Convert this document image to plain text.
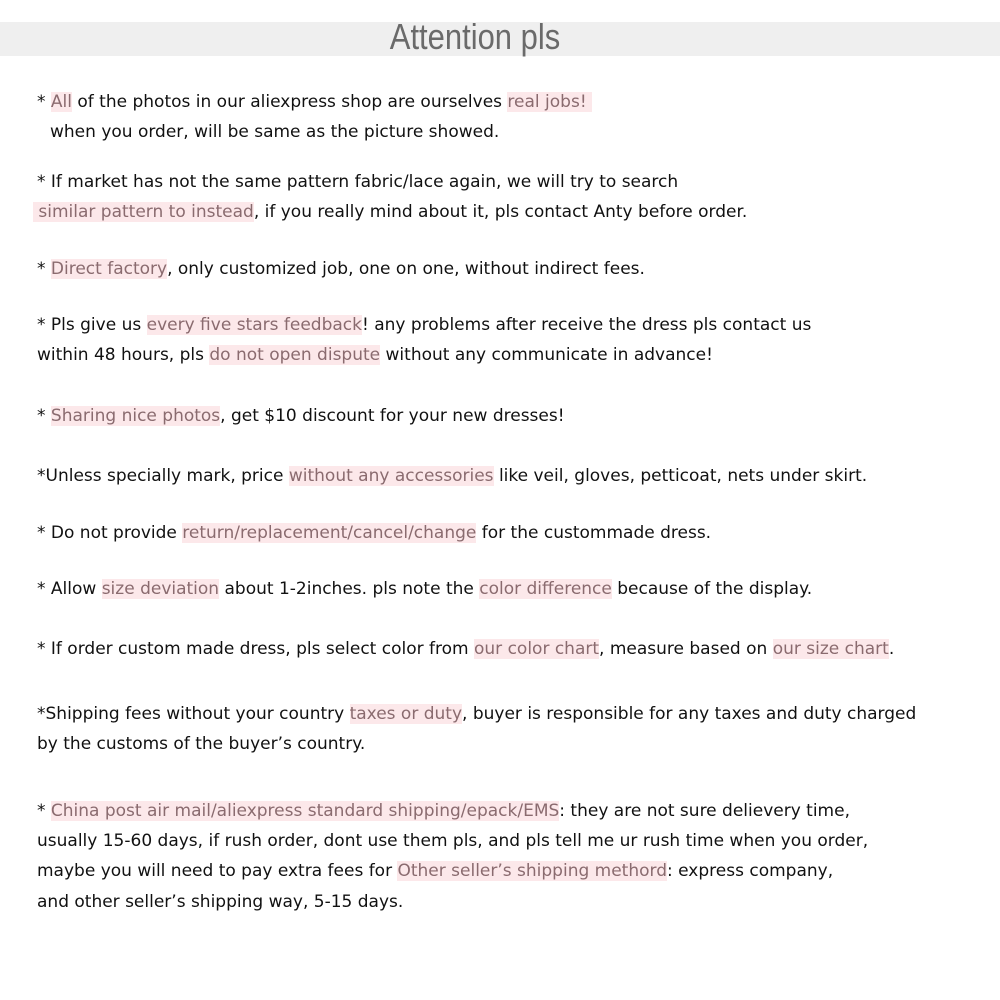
Attention pls
* All of the photos in our aliexpress shop are ourselves real jobs!
when you order, will be same as the picture showed.
* If market has not the same pattern fabric/lace again, we will try to search
similar pattern to instead, if you really mind about it, pls contact Anty before order.
* Direct factory, only customized job, one on one, without indirect fees.
* Pls give us every five stars feedback! any problems after receive the dress pls contact us
within 48 hours, pls do not open dispute without any communicate in advance!
* Sharing nice photos, get $10 discount for your new dresses!
*Unless specially mark, price without any accessories like veil, gloves, petticoat, nets under skirt.
* Do not provide return/replacement/cancel/change for the custommade dress.
* Allow size deviation about 1-2inches. pls note the color difference because of the display.
* If order custom made dress, pls select color from our color chart, measure based on our size chart.
*Shipping fees without your country taxes or duty, buyer is responsible for any taxes and duty charged
by the customs of the buyer’s country.
* China post air mail/aliexpress standard shipping/epack/EMS: they are not sure delievery time,
usually 15-60 days, if rush order, dont use them pls, and pls tell me ur rush time when you order,
maybe you will need to pay extra fees for Other seller’s shipping methord: express company,
and other seller’s shipping way, 5-15 days.
